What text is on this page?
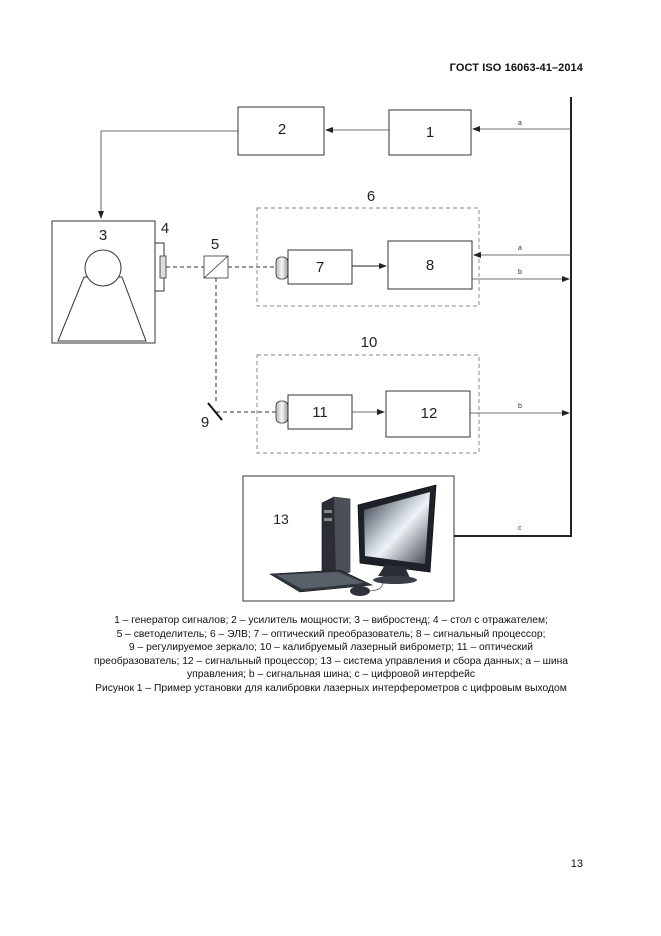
ГОСТ ISO 16063-41–2014
1
2	a
3	4
5
9
6
7	8
a
b
10
11	12	b
c
13
1 – генератор сигналов; 2 – усилитель мощности; 3 – вибростенд; 4 – стол с отражателем;
5 – светоделитель; 6 – ЭЛВ; 7 – оптический преобразователь; 8 – сигнальный процессор;
9 – регулируемое зеркало; 10 – калибруемый лазерный виброметр; 11 – оптический
преобразователь; 12 – сигнальный процессор; 13 – система управления и сбора данных; a – шина
управления; b – сигнальная шина; c – цифровой интерфейс
Рисунок 1 – Пример установки для калибровки лазерных интерферометров с цифровым выходом
13
